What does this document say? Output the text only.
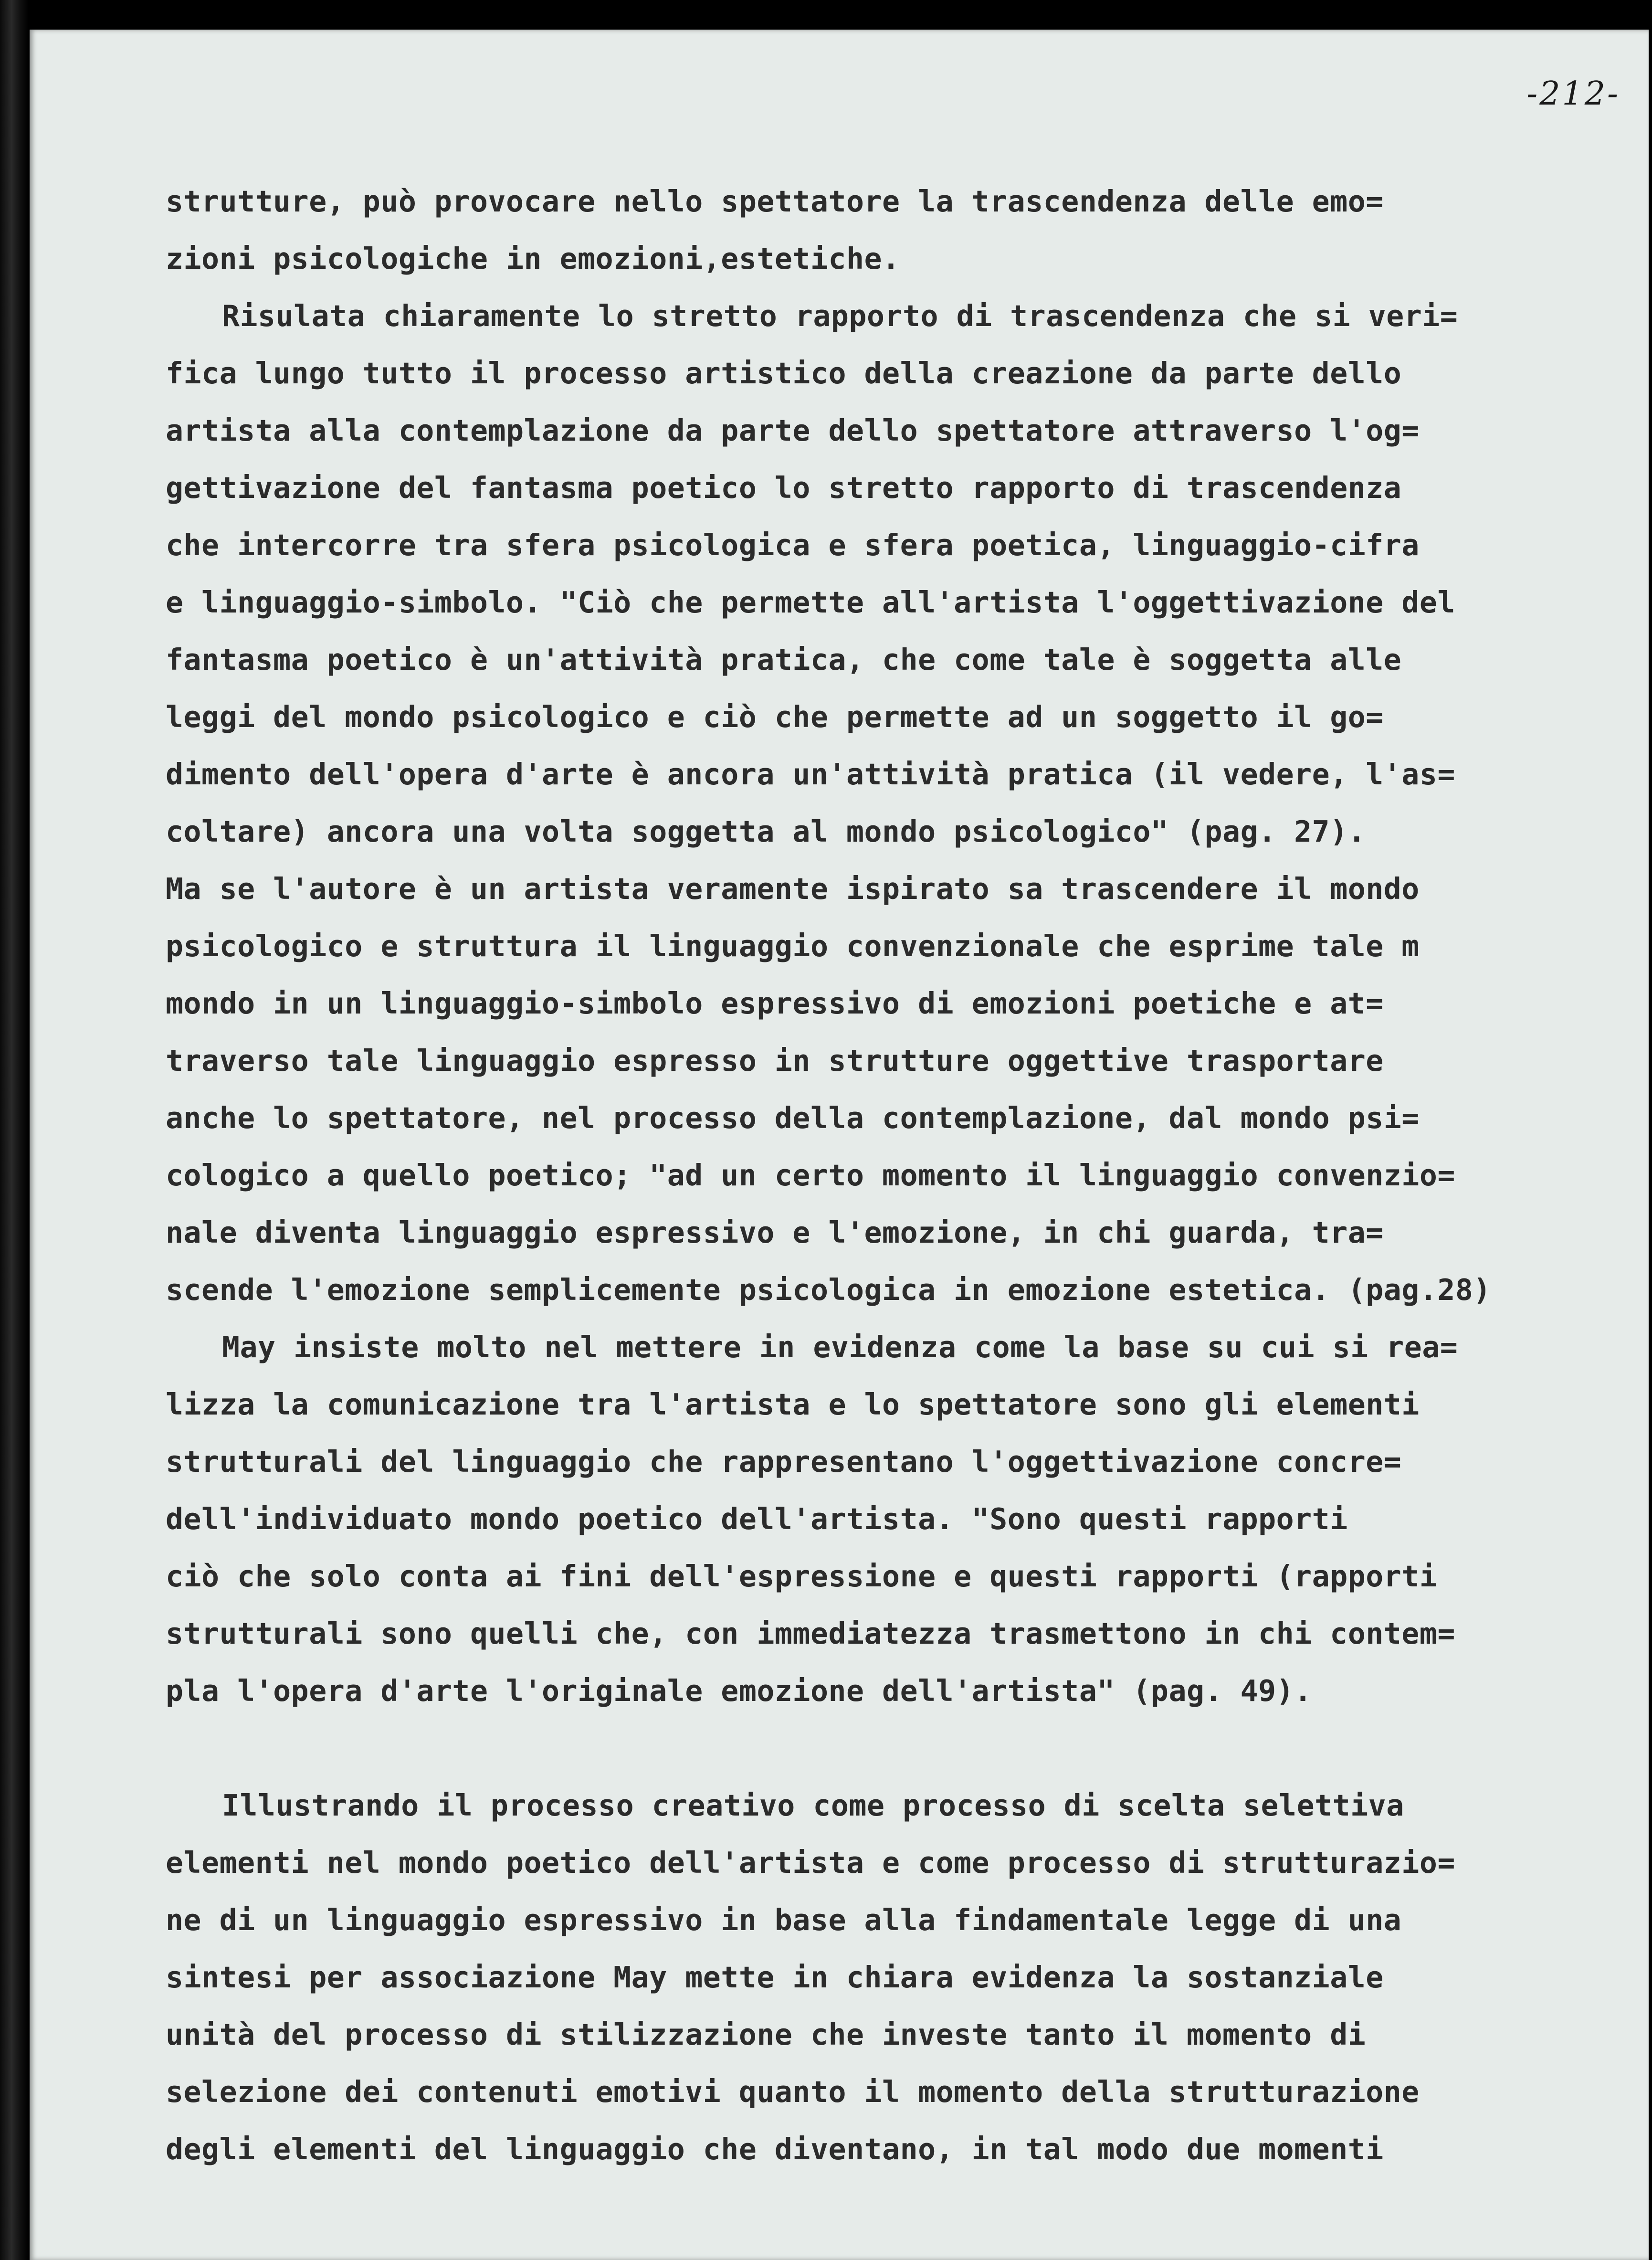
-212-
strutture, può provocare nello spettatore la trascendenza delle emo=
zioni psicologiche in emozioni,estetiche.
Risulata chiaramente lo stretto rapporto di trascendenza che si veri=
fica lungo tutto il processo artistico della creazione da parte dello
artista alla contemplazione da parte dello spettatore attraverso l'og=
gettivazione del fantasma poetico lo stretto rapporto di trascendenza
che intercorre tra sfera psicologica e sfera poetica, linguaggio-cifra
e linguaggio-simbolo. "Ciò che permette all'artista l'oggettivazione del
fantasma poetico è un'attività pratica, che come tale è soggetta alle
leggi del mondo psicologico e ciò che permette ad un soggetto il go=
dimento dell'opera d'arte è ancora un'attività pratica (il vedere, l'as=
coltare) ancora una volta soggetta al mondo psicologico" (pag. 27).
Ma se l'autore è un artista veramente ispirato sa trascendere il mondo
psicologico e struttura il linguaggio convenzionale che esprime tale m
mondo in un linguaggio-simbolo espressivo di emozioni poetiche e at=
traverso tale linguaggio espresso in strutture oggettive trasportare
anche lo spettatore, nel processo della contemplazione, dal mondo psi=
cologico a quello poetico; "ad un certo momento il linguaggio convenzio=
nale diventa linguaggio espressivo e l'emozione, in chi guarda, tra=
scende l'emozione semplicemente psicologica in emozione estetica. (pag.28)
May insiste molto nel mettere in evidenza come la base su cui si rea=
lizza la comunicazione tra l'artista e lo spettatore sono gli elementi
strutturali del linguaggio che rappresentano l'oggettivazione concre=
dell'individuato mondo poetico dell'artista. "Sono questi rapporti
ciò che solo conta ai fini dell'espressione e questi rapporti (rapporti
strutturali sono quelli che, con immediatezza trasmettono in chi contem=
pla l'opera d'arte l'originale emozione dell'artista" (pag. 49).
Illustrando il processo creativo come processo di scelta selettiva
elementi nel mondo poetico dell'artista e come processo di strutturazio=
ne di un linguaggio espressivo in base alla findamentale legge di una
sintesi per associazione May mette in chiara evidenza la sostanziale
unità del processo di stilizzazione che investe tanto il momento di
selezione dei contenuti emotivi quanto il momento della strutturazione
degli elementi del linguaggio che diventano, in tal modo due momenti
